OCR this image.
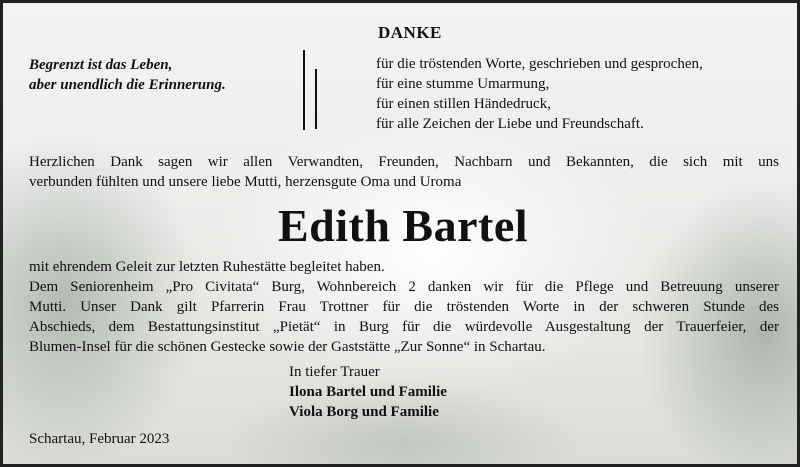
Begrenzt ist das Leben,
aber unendlich die Erinnerung.
DANKE
für die tröstenden Worte, geschrieben und gesprochen,
für eine stumme Umarmung,
für einen stillen Händedruck,
für alle Zeichen der Liebe und Freundschaft.
Herzlichen Dank sagen wir allen Verwandten, Freunden, Nachbarn und Bekannten, die sich mit uns
verbunden fühlten und unsere liebe Mutti, herzensgute Oma und Uroma
Edith Bartel
mit ehrendem Geleit zur letzten Ruhestätte begleitet haben.
Dem Seniorenheim „Pro Civitata“ Burg, Wohnbereich 2 danken wir für die Pflege und Betreuung unserer
Mutti. Unser Dank gilt Pfarrerin Frau Trottner für die tröstenden Worte in der schweren Stunde des
Abschieds, dem Bestattungsinstitut „Pietät“ in Burg für die würdevolle Ausgestaltung der Trauerfeier, der
Blumen-Insel für die schönen Gestecke sowie der Gaststätte „Zur Sonne“ in Schartau.
In tiefer Trauer
Ilona Bartel und Familie
Viola Borg und Familie
Schartau, Februar 2023
